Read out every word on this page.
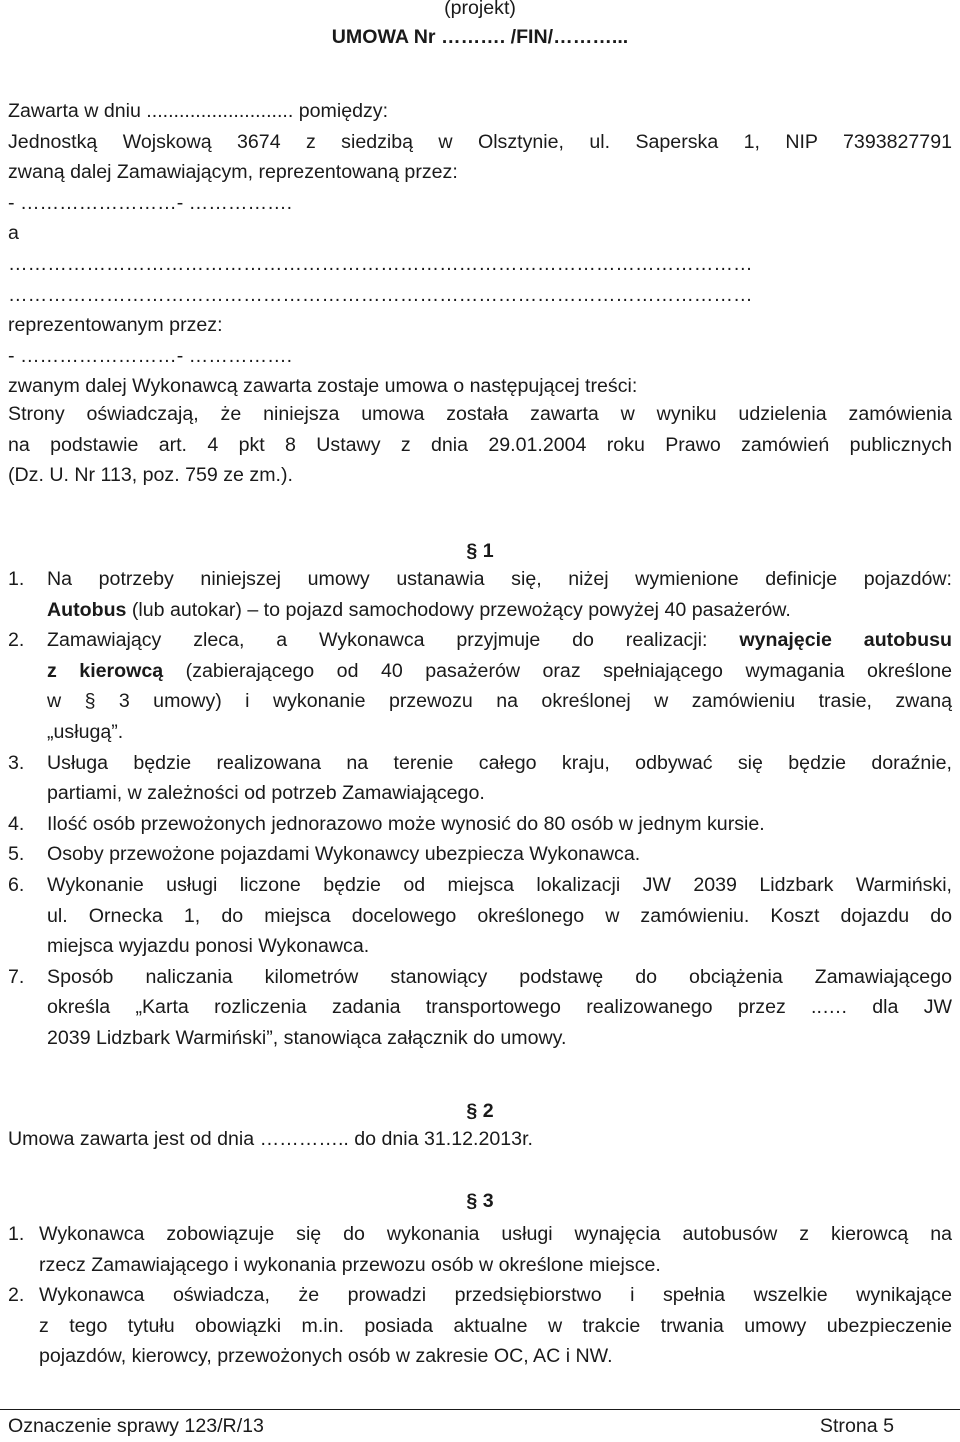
(projekt)
UMOWA Nr ………. /FIN/………...
Zawarta w dniu ........................... pomiędzy:
Jednostką Wojskową 3674 z siedzibą w Olsztynie, ul. Saperska 1, NIP 7393827791
zwaną dalej Zamawiającym, reprezentowaną przez:
- ……………………- …………….
a
……………………………………………………………………………………………………
……………………………………………………………………………………………………
reprezentowanym przez:
- ……………………- …………….
zwanym dalej Wykonawcą zawarta zostaje umowa o następującej treści:
Strony oświadczają, że niniejsza umowa została zawarta w wyniku udzielenia zamówienia
na podstawie art. 4 pkt 8 Ustawy z dnia 29.01.2004 roku Prawo zamówień publicznych
(Dz. U. Nr 113, poz. 759 ze zm.).
§ 1
1. Na potrzeby niniejszej umowy ustanawia się, niżej wymienione definicje pojazdów:
Autobus (lub autokar) – to pojazd samochodowy przewożący powyżej 40 pasażerów.
2. Zamawiający zleca, a Wykonawca przyjmuje do realizacji: wynajęcie autobusu
z kierowcą (zabierającego od 40 pasażerów oraz spełniającego wymagania określone
w § 3 umowy) i wykonanie przewozu na określonej w zamówieniu trasie, zwaną
„usługą”.
3. Usługa będzie realizowana na terenie całego kraju, odbywać się będzie doraźnie,
partiami, w zależności od potrzeb Zamawiającego.
4. Ilość osób przewożonych jednorazowo może wynosić do 80 osób w jednym kursie.
5. Osoby przewożone pojazdami Wykonawcy ubezpiecza Wykonawca.
6. Wykonanie usługi liczone będzie od miejsca lokalizacji JW 2039 Lidzbark Warmiński,
ul. Ornecka 1, do miejsca docelowego określonego w zamówieniu. Koszt dojazdu do
miejsca wyjazdu ponosi Wykonawca.
7. Sposób naliczania kilometrów stanowiący podstawę do obciążenia Zamawiającego
określa „Karta rozliczenia zadania transportowego realizowanego przez ..…. dla JW
2039 Lidzbark Warmiński”, stanowiąca załącznik do umowy.
§ 2
Umowa zawarta jest od dnia ………….. do dnia 31.12.2013r.
§ 3
1. Wykonawca zobowiązuje się do wykonania usługi wynajęcia autobusów z kierowcą na
rzecz Zamawiającego i wykonania przewozu osób w określone miejsce.
2. Wykonawca oświadcza, że prowadzi przedsiębiorstwo i spełnia wszelkie wynikające
z tego tytułu obowiązki m.in. posiada aktualne w trakcie trwania umowy ubezpieczenie
pojazdów, kierowcy, przewożonych osób w zakresie OC, AC i NW.
Oznaczenie sprawy 123/R/13	Strona 5
